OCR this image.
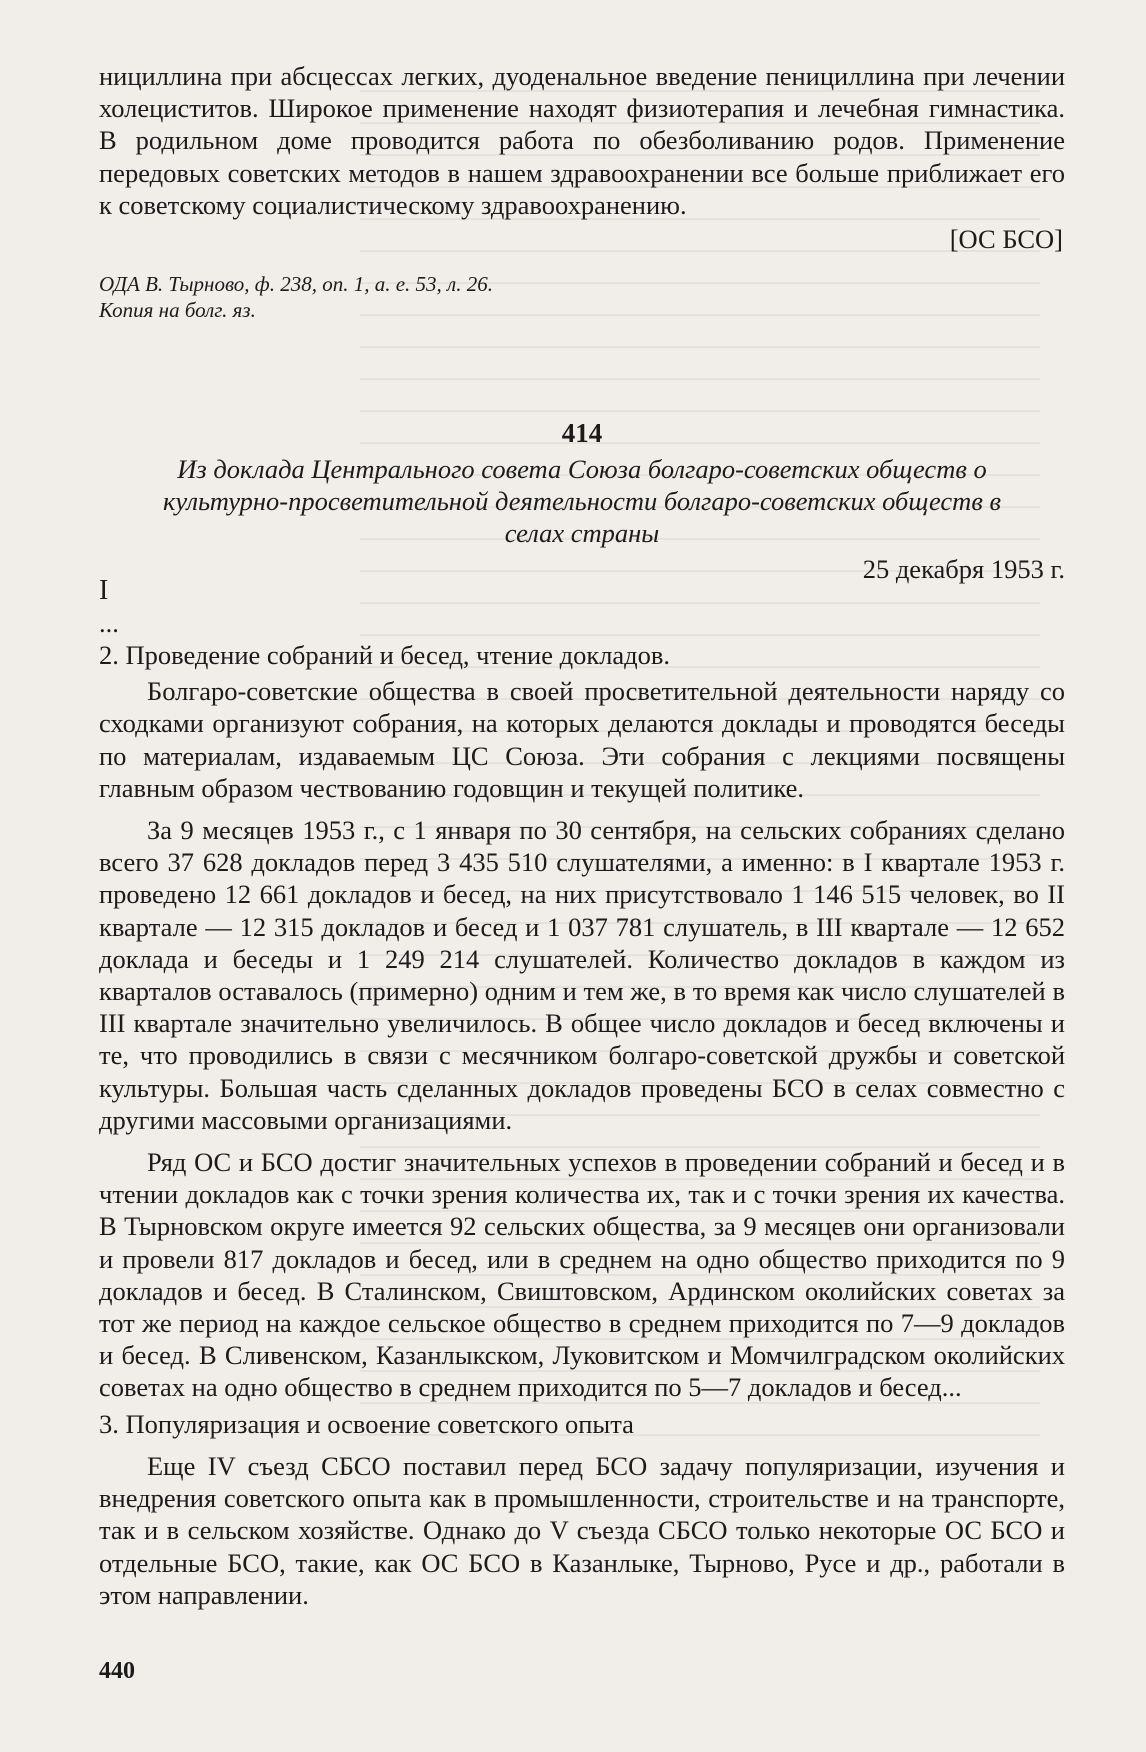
нициллина при абсцессах легких, дуоденальное введение пенициллина при лечении холециститов. Широкое применение находят физиотерапия и лечебная гимнастика. В родильном доме проводится работа по обезболиванию родов. Применение передовых советских методов в нашем здравоохранении все больше приближает его к советскому социалистическому здравоохранению.

[ОС БСО]

ОДА В. Тырново, ф. 238, оп. 1, а. е. 53, л. 26.
Копия на болг. яз.
414
Из доклада Центрального совета Союза болгаро-советских обществ о культурно-просветительной деятельности болгаро-советских обществ в селах страны
I
25 декабря 1953 г.

...

2. Проведение собраний и бесед, чтение докладов.

Болгаро-советские общества в своей просветительной деятельности наряду со сходками организуют собрания, на которых делаются доклады и проводятся беседы по материалам, издаваемым ЦС Союза. Эти собрания с лекциями посвящены главным образом чествованию годовщин и текущей политике.

За 9 месяцев 1953 г., с 1 января по 30 сентября, на сельских собраниях сделано всего 37 628 докладов перед 3 435 510 слушателями, а именно: в I квартале 1953 г. проведено 12 661 докладов и бесед, на них присутствовало 1 146 515 человек, во II квартале — 12 315 докладов и бесед и 1 037 781 слушатель, в III квартале — 12 652 доклада и беседы и 1 249 214 слушателей. Количество докладов в каждом из кварталов оставалось (примерно) одним и тем же, в то время как число слушателей в III квартале значительно увеличилось. В общее число докладов и бесед включены и те, что проводились в связи с месячником болгаро-советской дружбы и советской культуры. Большая часть сделанных докладов проведены БСО в селах совместно с другими массовыми организациями.

Ряд ОС и БСО достиг значительных успехов в проведении собраний и бесед и в чтении докладов как с точки зрения количества их, так и с точки зрения их качества. В Тырновском округе имеется 92 сельских общества, за 9 месяцев они организовали и провели 817 докладов и бесед, или в среднем на одно общество приходится по 9 докладов и бесед. В Сталинском, Свиштовском, Ардинском околийских советах за тот же период на каждое сельское общество в среднем приходится по 7—9 докладов и бесед. В Сливенском, Казанлыкском, Луковитском и Момчилградском околийских советах на одно общество в среднем приходится по 5—7 докладов и бесед...

3. Популяризация и освоение советского опыта

Еще IV съезд СБСО поставил перед БСО задачу популяризации, изучения и внедрения советского опыта как в промышленности, строительстве и на транспорте, так и в сельском хозяйстве. Однако до V съезда СБСО только некоторые ОС БСО и отдельные БСО, такие, как ОС БСО в Казанлыке, Тырново, Русе и др., работали в этом направлении.

440
